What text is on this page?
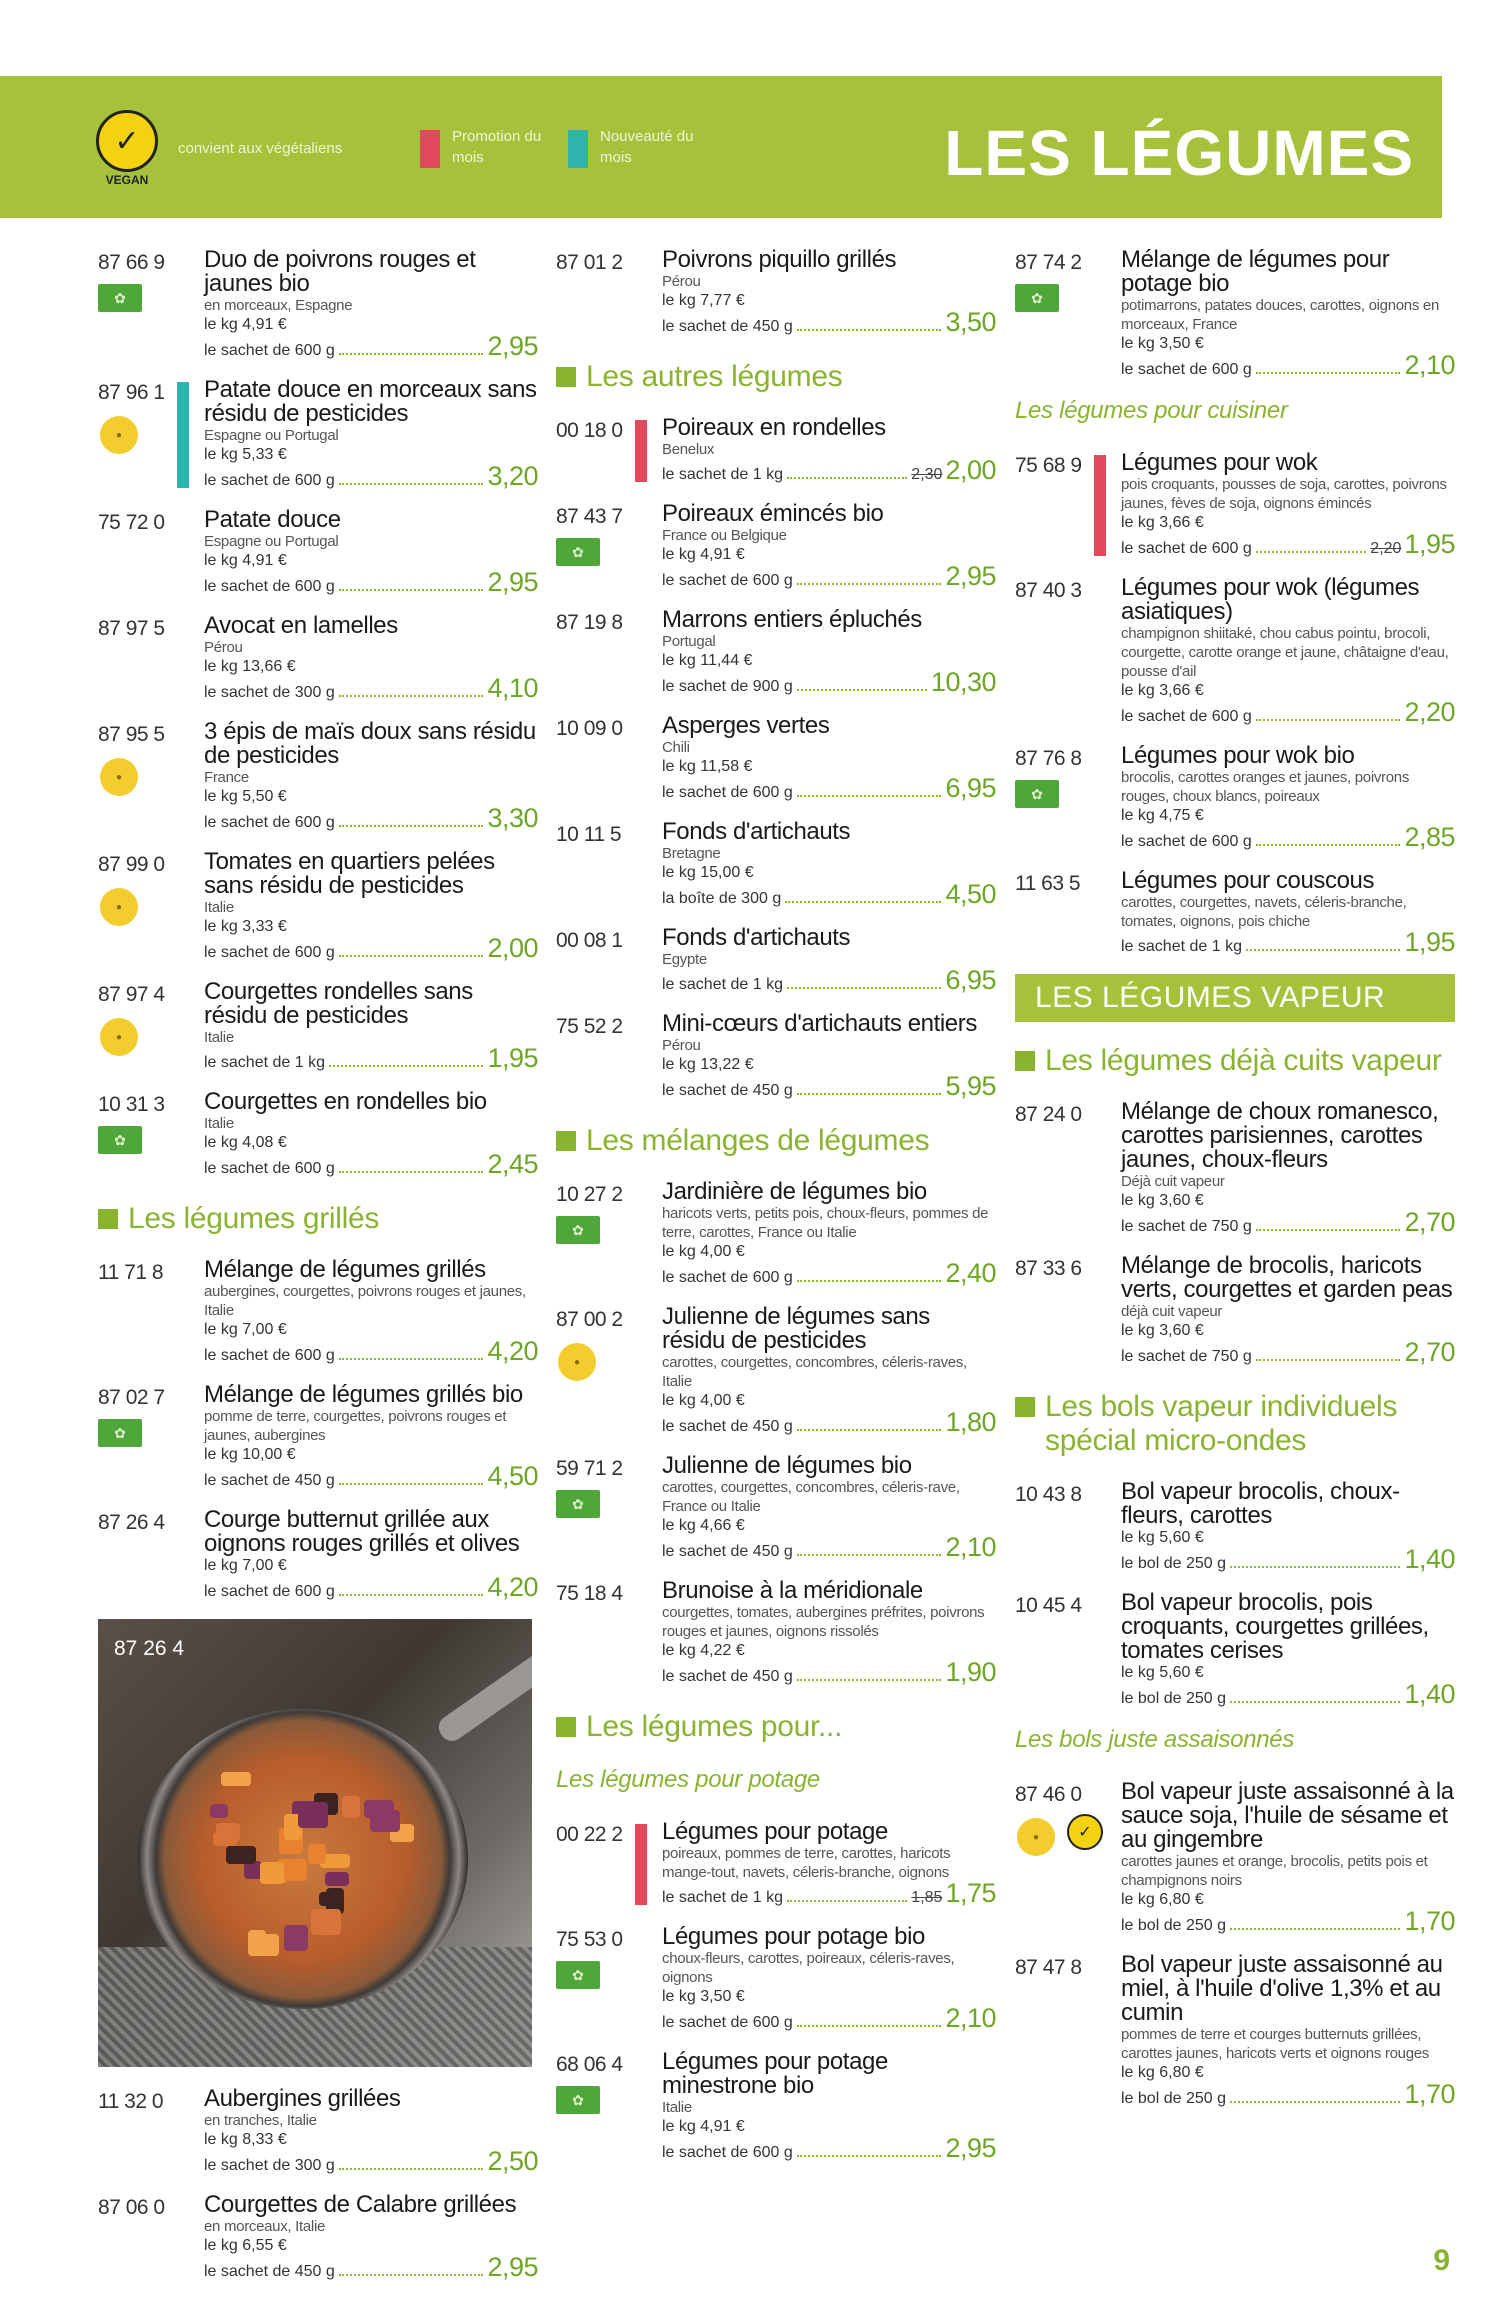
✓
VEGAN
convient aux végétaliens
Promotion du mois
Nouveauté du mois	LES LÉGUMES
87 66 9
✿
Duo de poivrons rouges et jaunes bio
en morceaux, Espagne
le kg 4,91 €
le sachet de 600 g	2,95
87 96 1
●
Patate douce en morceaux sans résidu de pesticides
Espagne ou Portugal
le kg 5,33 €
le sachet de 600 g	3,20
75 72 0 Patate douce
Espagne ou Portugal
le kg 4,91 €
le sachet de 600 g	2,95
87 97 5 Avocat en lamelles
Pérou
le kg 13,66 €
le sachet de 300 g	4,10
87 95 5
●
3 épis de maïs doux sans résidu de pesticides
France
le kg 5,50 €
le sachet de 600 g	3,30
87 99 0
●
Tomates en quartiers pelées sans résidu de pesticides
Italie
le kg 3,33 €
le sachet de 600 g	2,00
87 97 4
●
Courgettes rondelles sans résidu de pesticides
Italie
le sachet de 1 kg	1,95
10 31 3
✿
Courgettes en rondelles bio
Italie
le kg 4,08 €
le sachet de 600 g	2,45
Les légumes grillés
11 71 8 Mélange de légumes grillés
aubergines, courgettes, poivrons rouges et jaunes, Italie
le kg 7,00 €
le sachet de 600 g	4,20
87 02 7
✿
Mélange de légumes grillés bio
pomme de terre, courgettes, poivrons rouges et jaunes, aubergines
le kg 10,00 €
le sachet de 450 g	4,50
87 26 4 Courge butternut grillée aux oignons rouges grillés et olives
le kg 7,00 €
le sachet de 600 g	4,20
87 26 4
11 32 0 Aubergines grillées
en tranches, Italie
le kg 8,33 €
le sachet de 300 g	2,50
87 06 0 Courgettes de Calabre grillées
en morceaux, Italie
le kg 6,55 €
le sachet de 450 g	2,95
87 01 2 Poivrons piquillo grillés
Pérou
le kg 7,77 €
le sachet de 450 g	3,50
Les autres légumes
00 18 0 Poireaux en rondelles
Benelux
le sachet de 1 kg	2,30 2,00
87 43 7
✿
Poireaux émincés bio
France ou Belgique
le kg 4,91 €
le sachet de 600 g	2,95
87 19 8 Marrons entiers épluchés
Portugal
le kg 11,44 €
le sachet de 900 g	10,30
10 09 0 Asperges vertes
Chili
le kg 11,58 €
le sachet de 600 g	6,95
10 11 5 Fonds d'artichauts
Bretagne
le kg 15,00 €
la boîte de 300 g	4,50
00 08 1 Fonds d'artichauts
Egypte
le sachet de 1 kg	6,95
75 52 2 Mini-cœurs d'artichauts entiers
Pérou
le kg 13,22 €
le sachet de 450 g	5,95
Les mélanges de légumes
10 27 2
✿
Jardinière de légumes bio
haricots verts, petits pois, choux-fleurs, pommes de terre, carottes, France ou Italie
le kg 4,00 €
le sachet de 600 g	2,40
87 00 2
●
Julienne de légumes sans résidu de pesticides
carottes, courgettes, concombres, céleris-raves, Italie
le kg 4,00 €
le sachet de 450 g	1,80
59 71 2
✿
Julienne de légumes bio
carottes, courgettes, concombres, céleris-rave, France ou Italie
le kg 4,66 €
le sachet de 450 g	2,10
75 18 4 Brunoise à la méridionale
courgettes, tomates, aubergines préfrites, poivrons rouges et jaunes, oignons rissolés
le kg 4,22 €
le sachet de 450 g	1,90
Les légumes pour...
Les légumes pour potage
00 22 2 Légumes pour potage
poireaux, pommes de terre, carottes, haricots mange-tout, navets, céleris-branche, oignons
le sachet de 1 kg	1,85 1,75
75 53 0
✿
Légumes pour potage bio
choux-fleurs, carottes, poireaux, céleris-raves, oignons
le kg 3,50 €
le sachet de 600 g	2,10
68 06 4
✿
Légumes pour potage minestrone bio
Italie
le kg 4,91 €
le sachet de 600 g	2,95
87 74 2
✿
Mélange de légumes pour potage bio
potimarrons, patates douces, carottes, oignons en morceaux, France
le kg 3,50 €
le sachet de 600 g	2,10
Les légumes pour cuisiner
75 68 9 Légumes pour wok
pois croquants, pousses de soja, carottes, poivrons jaunes, fèves de soja, oignons émincés
le kg 3,66 €
le sachet de 600 g	2,20 1,95
87 40 3 Légumes pour wok (légumes asiatiques)
champignon shiitaké, chou cabus pointu, brocoli, courgette, carotte orange et jaune, châtaigne d'eau, pousse d'ail
le kg 3,66 €
le sachet de 600 g	2,20
87 76 8
✿
Légumes pour wok bio
brocolis, carottes oranges et jaunes, poivrons rouges, choux blancs, poireaux
le kg 4,75 €
le sachet de 600 g	2,85
11 63 5 Légumes pour couscous
carottes, courgettes, navets, céleris-branche, tomates, oignons, pois chiche
le sachet de 1 kg	1,95
LES LÉGUMES VAPEUR
Les légumes déjà cuits vapeur
87 24 0 Mélange de choux romanesco, carottes parisiennes, carottes jaunes, choux-fleurs
Déjà cuit vapeur
le kg 3,60 €
le sachet de 750 g	2,70
87 33 6 Mélange de brocolis, haricots verts, courgettes et garden peas
déjà cuit vapeur
le kg 3,60 €
le sachet de 750 g	2,70
Les bols vapeur individuels spécial micro-ondes
10 43 8 Bol vapeur brocolis, choux-fleurs, carottes
le kg 5,60 €
le bol de 250 g	1,40
10 45 4 Bol vapeur brocolis, pois croquants, courgettes grillées, tomates cerises
le kg 5,60 €
le bol de 250 g	1,40
Les bols juste assaisonnés
87 46 0
●	✓
Bol vapeur juste assaisonné à la sauce soja, l'huile de sésame et au gingembre
carottes jaunes et orange, brocolis, petits pois et champignons noirs
le kg 6,80 €
le bol de 250 g	1,70
87 47 8 Bol vapeur juste assaisonné au miel, à l'huile d'olive 1,3% et au cumin
pommes de terre et courges butternuts grillées, carottes jaunes, haricots verts et oignons rouges
le kg 6,80 €
le bol de 250 g	1,70
9
